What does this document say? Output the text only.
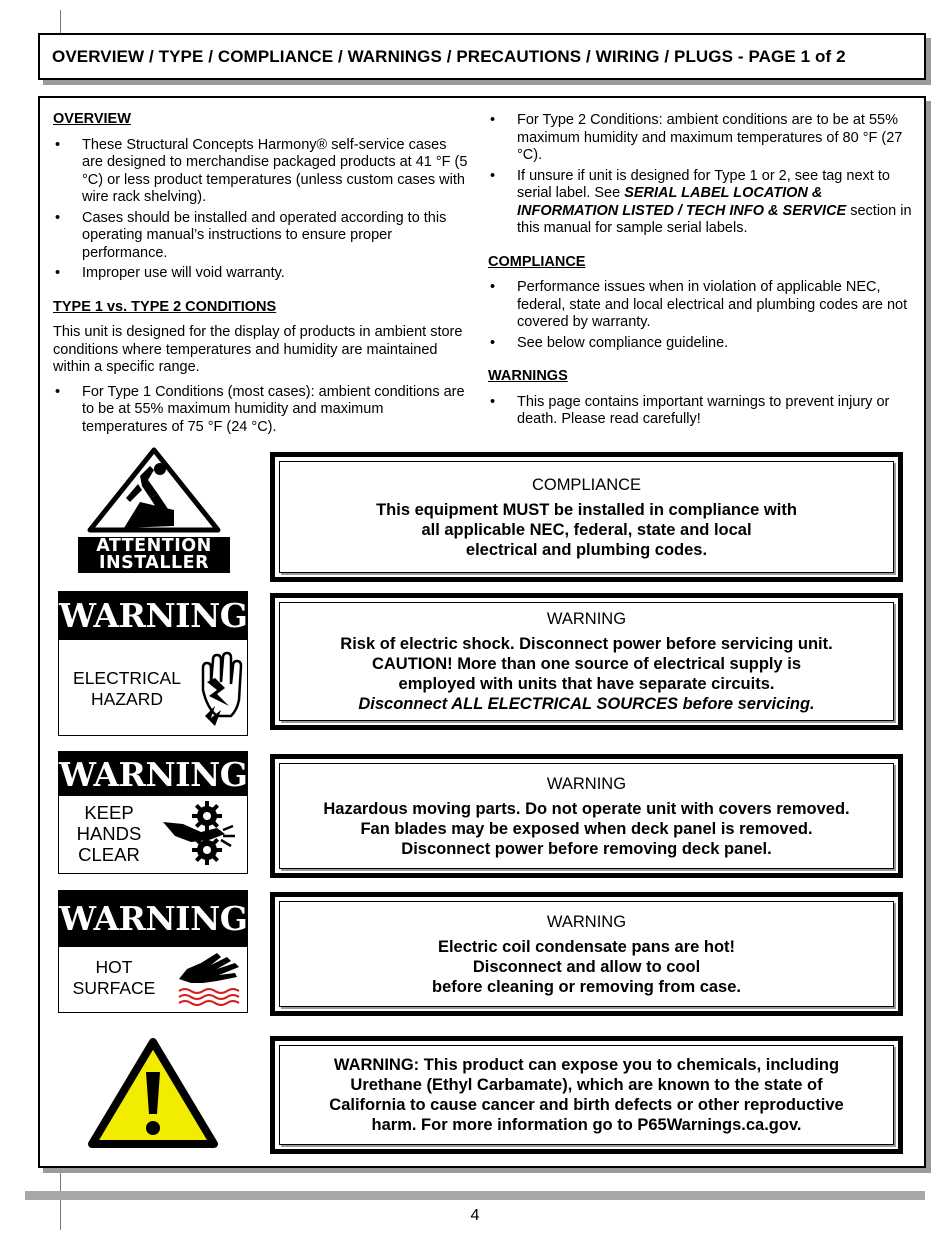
OVERVIEW / TYPE / COMPLIANCE / WARNINGS / PRECAUTIONS / WIRING / PLUGS - PAGE 1 of 2
OVERVIEW
• These Structural Concepts Harmony® self-service cases are designed to merchandise packaged products at 41 °F (5 °C) or less product temperatures (unless custom cases with wire rack shelving).
• Cases should be installed and operated according to this operating manual’s instructions to ensure proper performance.
• Improper use will void warranty.
TYPE 1 vs. TYPE 2 CONDITIONS

This unit is designed for the display of products in ambient store conditions where temperatures and humidity are maintained within a specific range.

• For Type 1 Conditions (most cases): ambient conditions are to be at 55% maximum humidity and maximum temperatures of 75 °F (24 °C).
• For Type 2 Conditions: ambient conditions are to be at 55% maximum humidity and maximum temperatures of 80 °F (27 °C).
• If unsure if unit is designed for Type 1 or 2, see tag next to serial label. See SERIAL LABEL LOCATION & INFORMATION LISTED / TECH INFO & SERVICE section in this manual for sample serial labels.
COMPLIANCE
• Performance issues when in violation of applicable NEC, federal, state and local electrical and plumbing codes are not covered by warranty.
• See below compliance guideline.
WARNINGS
• This page contains important warnings to prevent injury or death. Please read carefully!
ATTENTION
INSTALLER
COMPLIANCE
This equipment MUST be installed in compliance with
all applicable NEC, federal, state and local
electrical and plumbing codes.
WARNING
ELECTRICAL
HAZARD
WARNING
Risk of electric shock. Disconnect power before servicing unit.
CAUTION! More than one source of electrical supply is
employed with units that have separate circuits.
Disconnect ALL ELECTRICAL SOURCES before servicing.
WARNING
KEEP
HANDS
CLEAR
WARNING
Hazardous moving parts. Do not operate unit with covers removed.
Fan blades may be exposed when deck panel is removed.
Disconnect power before removing deck panel.
WARNING
HOT
SURFACE
WARNING
Electric coil condensate pans are hot!
Disconnect and allow to cool
before cleaning or removing from case.
WARNING: This product can expose you to chemicals, including
Urethane (Ethyl Carbamate), which are known to the state of
California to cause cancer and birth defects or other reproductive
harm. For more information go to P65Warnings.ca.gov.
4
